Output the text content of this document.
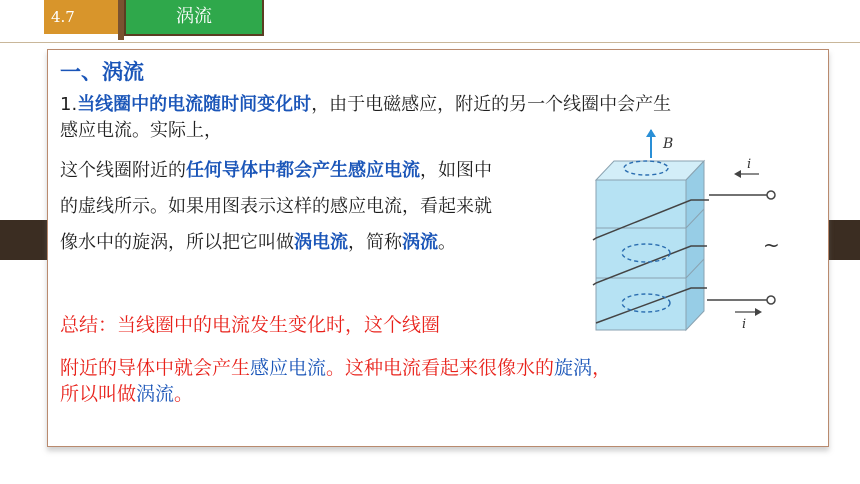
4.7	涡流
一、涡流
1.当线圈中的电流随时间变化时，由于电磁感应，附近的另一个线圈中会产生
感应电流。实际上，
这个线圈附近的任何导体中都会产生感应电流，如图中
的虚线所示。如果用图表示这样的感应电流，看起来就
像水中的旋涡，所以把它叫做涡电流，简称涡流。
总结：当线圈中的电流发生变化时，这个线圈
附近的导体中就会产生感应电流。这种电流看起来很像水的旋涡，
所以叫做涡流。
B
i
~
i
